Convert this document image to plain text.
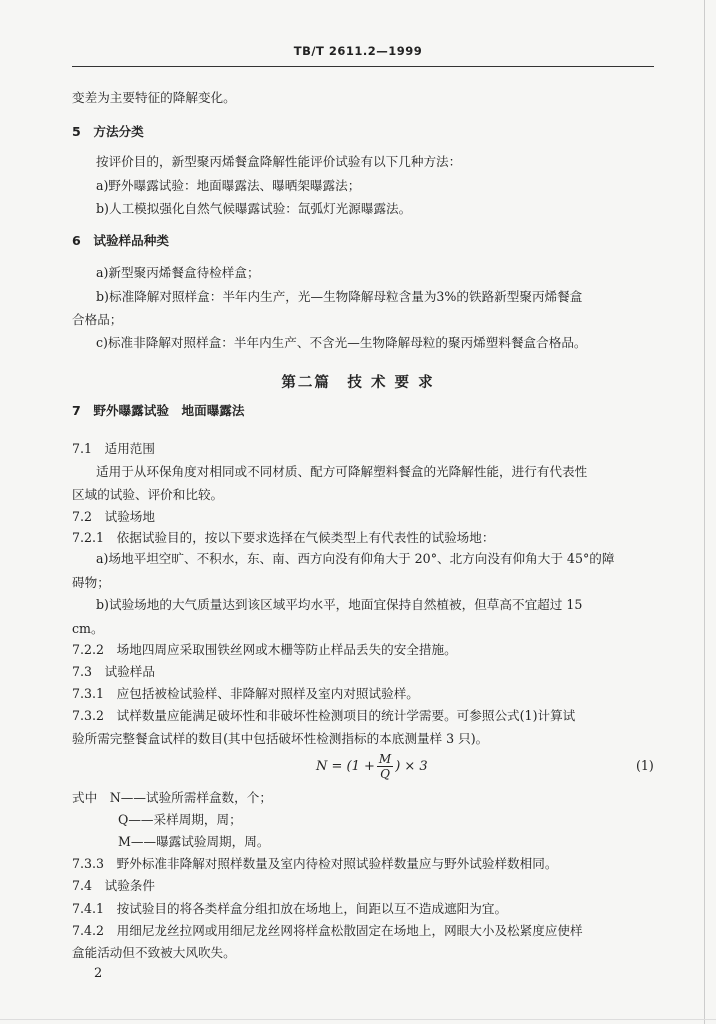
TB/T 2611.2—1999
变差为主要特征的降解变化。
5　方法分类
按评价目的，新型聚丙烯餐盒降解性能评价试验有以下几种方法：
a)野外曝露试验：地面曝露法、曝晒架曝露法；
b)人工模拟强化自然气候曝露试验：氙弧灯光源曝露法。
6　试验样品种类
a)新型聚丙烯餐盒待检样盒；
b)标准降解对照样盒：半年内生产，光—生物降解母粒含量为3%的铁路新型聚丙烯餐盒
合格品；
c)标准非降解对照样盒：半年内生产、不含光—生物降解母粒的聚丙烯塑料餐盒合格品。
第二篇　技 术 要 求
7　野外曝露试验　地面曝露法
7.1　适用范围
适用于从环保角度对相同或不同材质、配方可降解塑料餐盒的光降解性能，进行有代表性
区域的试验、评价和比较。
7.2　试验场地
7.2.1　依据试验目的，按以下要求选择在气候类型上有代表性的试验场地：
a)场地平坦空旷、不积水，东、南、西方向没有仰角大于 20°、北方向没有仰角大于 45°的障
碍物；
b)试验场地的大气质量达到该区域平均水平，地面宜保持自然植被，但草高不宜超过 15
cm。
7.2.2　场地四周应采取围铁丝网或木栅等防止样品丢失的安全措施。
7.3　试验样品
7.3.1　应包括被检试验样、非降解对照样及室内对照试验样。
7.3.2　试样数量应能满足破坏性和非破坏性检测项目的统计学需要。可参照公式(1)计算试
验所需完整餐盒试样的数目(其中包括破坏性检测指标的本底测量样 3 只)。
$N = (1 + \frac{M}{Q}$ ) × 3	(1)
式中　N——试验所需样盒数，个；
Q——采样周期，周；
M——曝露试验周期，周。
7.3.3　野外标准非降解对照样数量及室内待检对照试验样数量应与野外试验样数相同。
7.4　试验条件
7.4.1　按试验目的将各类样盒分组扣放在场地上，间距以互不造成遮阳为宜。
7.4.2　用细尼龙丝拉网或用细尼龙丝网将样盒松散固定在场地上，网眼大小及松紧度应使样
盒能活动但不致被大风吹失。
2
